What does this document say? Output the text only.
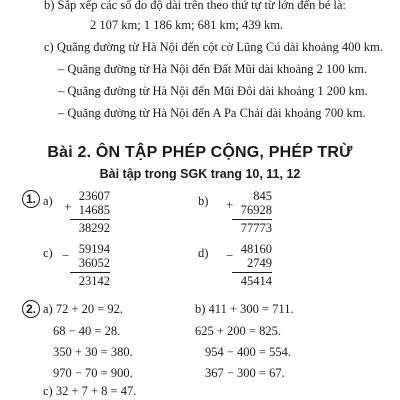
b) Sắp xếp các số đo độ dài trên theo thứ tự từ lớn đến bé là:
2 107 km; 1 186 km; 681 km; 439 km.
c) Quãng đường từ Hà Nội đến cột cờ Lũng Cú dài khoảng 400 km.
– Quãng đường từ Hà Nội đến Đất Mũi dài khoảng 2 100 km.
– Quãng đường từ Hà Nội đến Mũi Đôi dài khoảng 1 200 km.
– Quãng đường từ Hà Nội đến A Pa Chải dài khoảng 700 km.
Bài 2. ÔN TẬP PHÉP CỘNG, PHÉP TRỪ
Bài tập trong SGK trang 10, 11, 12
1. a) 23607
+ 14685
38292
b)	845
+ 76928
77773
c) 59194
− 36052
23142
d)	48160
− 2749
45414
2. a) 72 + 20 = 92.
68 − 40 = 28.
350 + 30 = 380.
970 − 70 = 900.
c) 32 + 7 + 8 = 47.
b) 411 + 300 = 711.
625 + 200 = 825.
954 − 400 = 554.
367 − 300 = 67.
